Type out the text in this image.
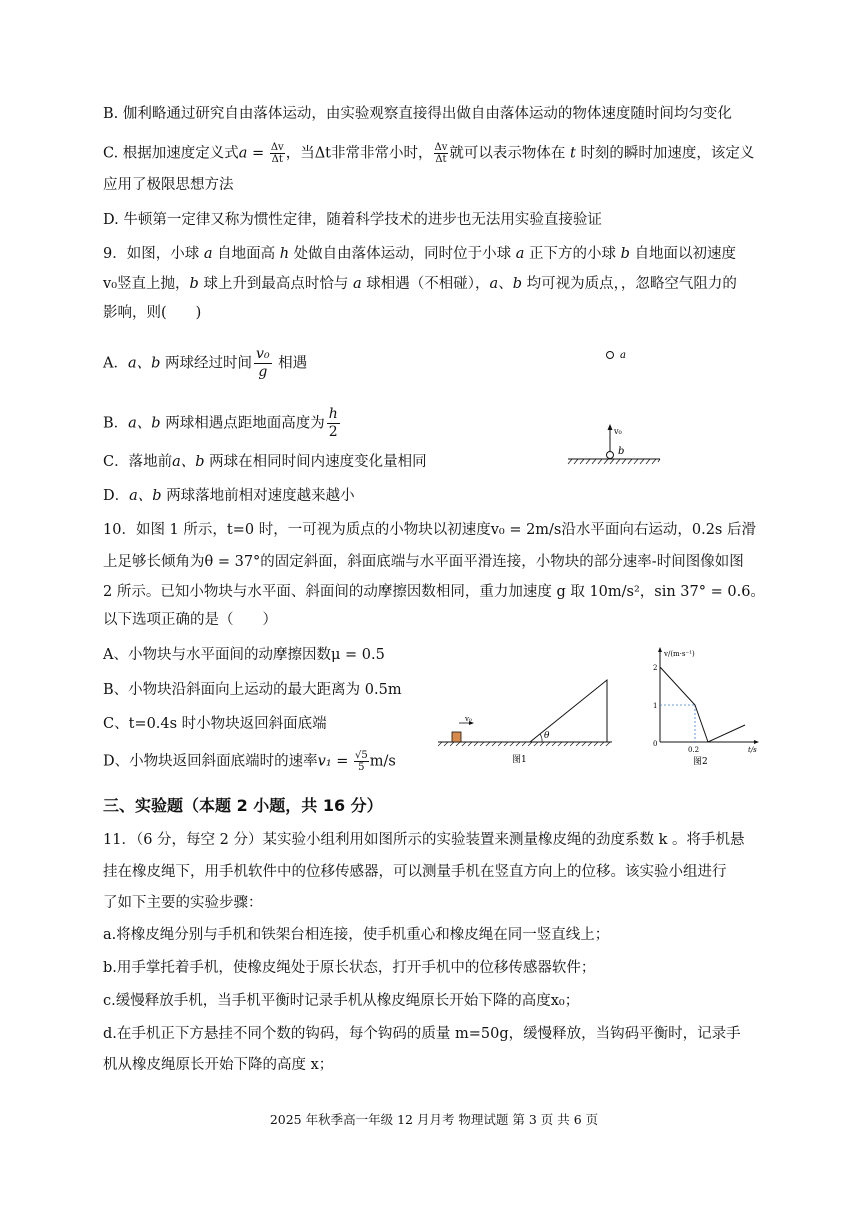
B. 伽利略通过研究自由落体运动，由实验观察直接得出做自由落体运动的物体速度随时间均匀变化
C. 根据加速度定义式$a = \frac{\Delta v}{\Delta t}$ ，当Δt非常非常小时， $\frac{\Delta v}{\Delta t}$ 就可以表示物体在 t 时刻的瞬时加速度，该定义
应用了极限思想方法
D. 牛顿第一定律又称为惯性定律，随着科学技术的进步也无法用实验直接验证
9．如图，小球 a 自地面高 h 处做自由落体运动，同时位于小球 a 正下方的小球 b 自地面以初速度
v₀竖直上抛，b 球上升到最高点时恰与 a 球相遇（不相碰），a、b 均可视为质点，，忽略空气阻力的
影响，则(　　)
A．a、b 两球经过时间 $\frac{\text{v₀}}{g}$ 相遇
B．a、b 两球相遇点距地面高度为 $\frac{h}{2}$
C．落地前a、b 两球在相同时间内速度变化量相同
D．a、b 两球落地前相对速度越来越小
a
v₀
b
10．如图 1 所示，t=0 时，一可视为质点的小物块以初速度v₀ = 2m/s沿水平面向右运动，0.2s 后滑
上足够长倾角为θ = 37°的固定斜面，斜面底端与水平面平滑连接，小物块的部分速率-时间图像如图
2 所示。已知小物块与水平面、斜面间的动摩擦因数相同，重力加速度 g 取 10m/s²，sin 37° = 0.6。
以下选项正确的是（　　）
A、小物块与水平面间的动摩擦因数μ = 0.5
B、小物块沿斜面向上运动的最大距离为 0.5m
C、t=0.4s 时小物块返回斜面底端
D、小物块返回斜面底端时的速率$v_1 = \frac{√5}{5} m/s$
v₀
θ
图1
v/(m·s⁻¹)
2
1
0
0.2	t/s
图2
三、实验题（本题 2 小题，共 16 分）
11．（6 分，每空 2 分）某实验小组利用如图所示的实验装置来测量橡皮绳的劲度系数 k 。将手机悬
挂在橡皮绳下，用手机软件中的位移传感器，可以测量手机在竖直方向上的位移。该实验小组进行
了如下主要的实验步骤：
a.将橡皮绳分别与手机和铁架台相连接，使手机重心和橡皮绳在同一竖直线上；
b.用手掌托着手机，使橡皮绳处于原长状态，打开手机中的位移传感器软件；
c.缓慢释放手机，当手机平衡时记录手机从橡皮绳原长开始下降的高度x₀；
d.在手机正下方悬挂不同个数的钩码，每个钩码的质量 m=50g，缓慢释放，当钩码平衡时，记录手
机从橡皮绳原长开始下降的高度 x；
2025 年秋季高一年级 12 月月考 物理试题 第 3 页 共 6 页
